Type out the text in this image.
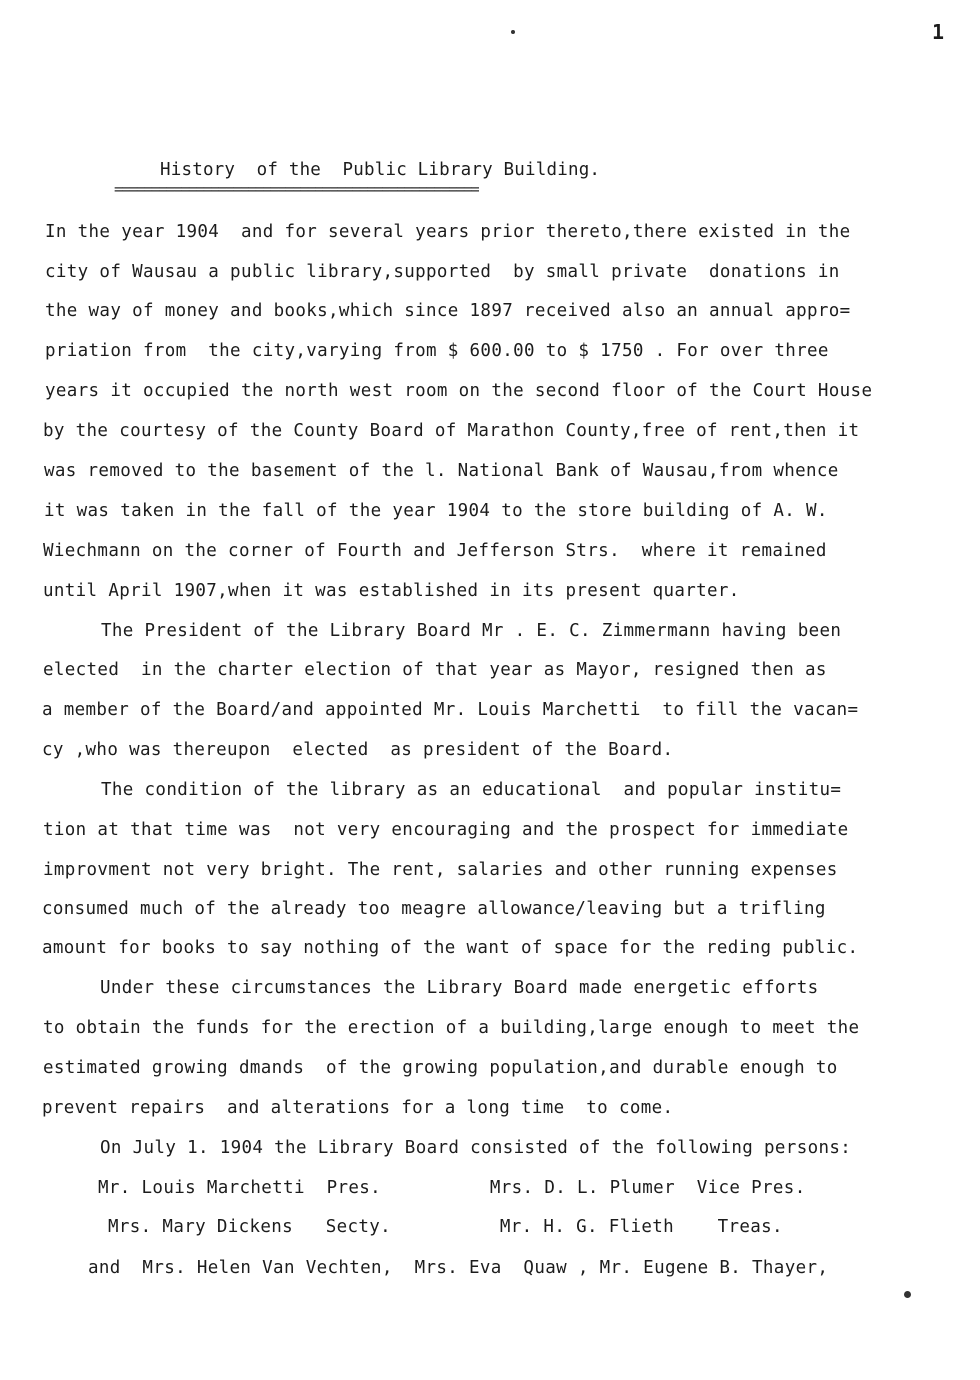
1
History  of the  Public Library Building.
=================================================
In the year 1904  and for several years prior thereto,there existed in the
city of Wausau a public library,supported  by small private  donations in
the way of money and books,which since 1897 received also an annual appro=
priation from  the city,varying from $ 600.00 to $ 1750 . For over three
years it occupied the north west room on the second floor of the Court House
by the courtesy of the County Board of Marathon County,free of rent,then it
was removed to the basement of the l. National Bank of Wausau,from whence
it was taken in the fall of the year 1904 to the store building of A. W.
Wiechmann on the corner of Fourth and Jefferson Strs.  where it remained
until April 1907,when it was established in its present quarter.
The President of the Library Board Mr . E. C. Zimmermann having been
elected  in the charter election of that year as Mayor, resigned then as
a member of the Board/and appointed Mr. Louis Marchetti  to fill the vacan=
cy ,who was thereupon  elected  as president of the Board.
The condition of the library as an educational  and popular institu=
tion at that time was  not very encouraging and the prospect for immediate
improvment not very bright. The rent, salaries and other running expenses
consumed much of the already too meagre allowance/leaving but a trifling
amount for books to say nothing of the want of space for the reding public.
Under these circumstances the Library Board made energetic efforts
to obtain the funds for the erection of a building,large enough to meet the
estimated growing dmands  of the growing population,and durable enough to
prevent repairs  and alterations for a long time  to come.
On July 1. 1904 the Library Board consisted of the following persons:
Mr. Louis Marchetti  Pres.          Mrs. D. L. Plumer  Vice Pres.
Mrs. Mary Dickens   Secty.          Mr. H. G. Flieth    Treas.
and  Mrs. Helen Van Vechten,  Mrs. Eva  Quaw , Mr. Eugene B. Thayer,
